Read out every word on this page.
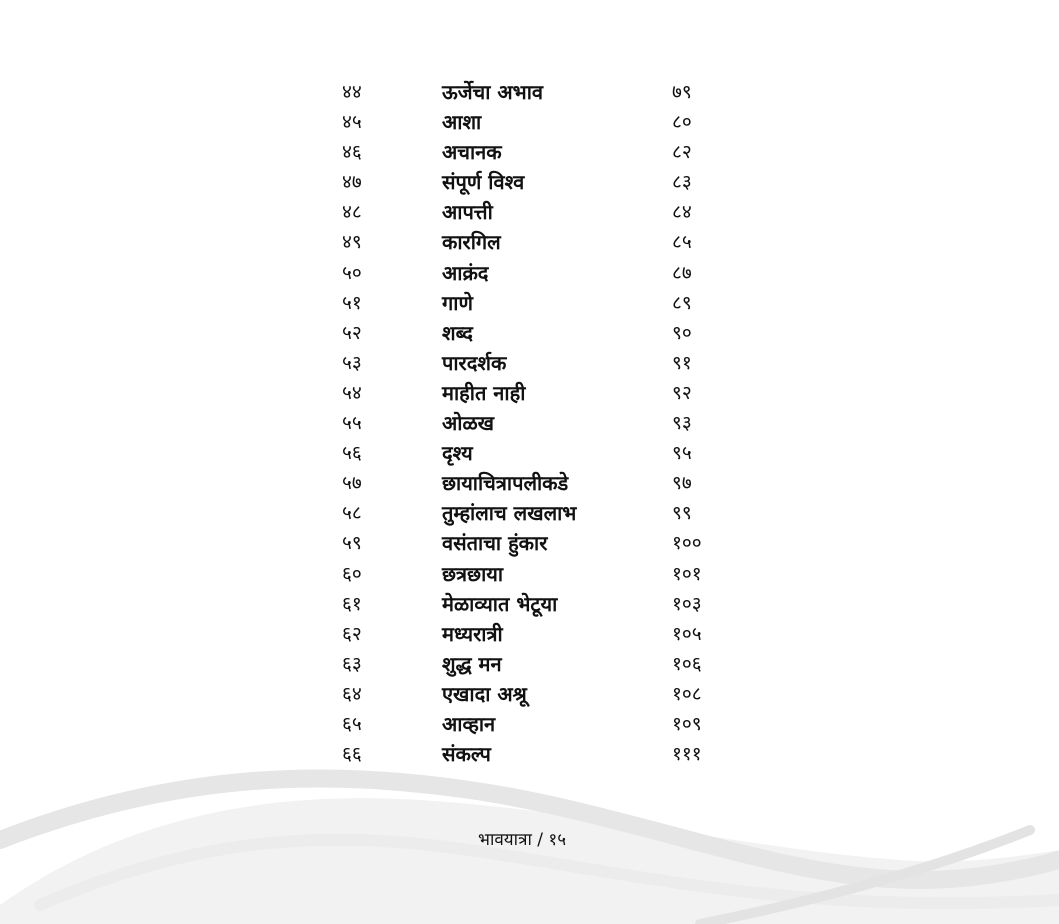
४४	ऊर्जेचा अभाव	७९
४५	आशा	८०
४६	अचानक	८२
४७	संपूर्ण विश्व	८३
४८	आपत्ती	८४
४९	कारगिल	८५
५०	आक्रंद	८७
५१	गाणे	८९
५२	शब्द	९०
५३	पारदर्शक	९१
५४	माहीत नाही	९२
५५	ओळख	९३
५६	दृश्य	९५
५७	छायाचित्रापलीकडे	९७
५८	तुम्हांलाच लखलाभ	९९
५९	वसंताचा हुंकार	१००
६०	छत्रछाया	१०१
६१	मेळाव्यात भेटूया	१०३
६२	मध्यरात्री	१०५
६३	शुद्ध मन	१०६
६४	एखादा अश्रू	१०८
६५	आव्हान	१०९
६६	संकल्प	१११
भावयात्रा / १५
